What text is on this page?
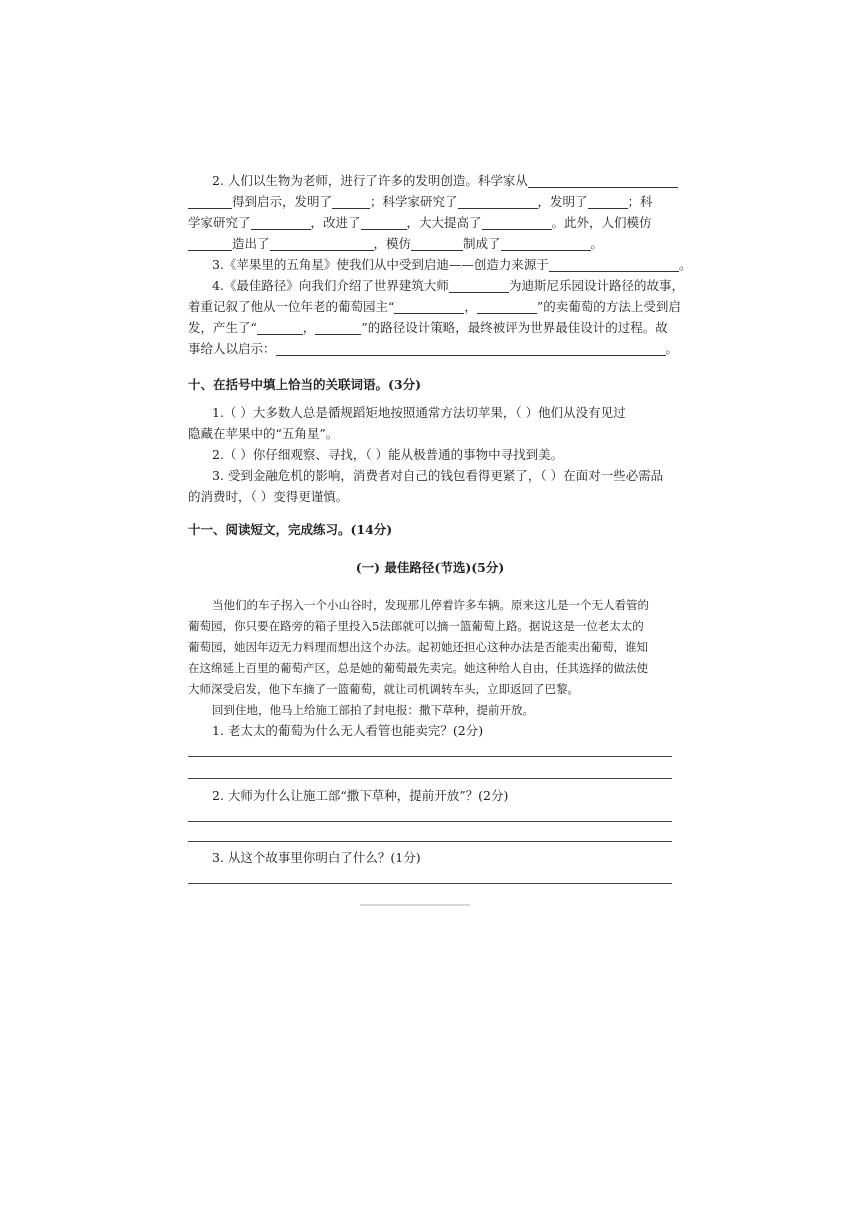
2. 人们以生物为老师，进行了许多的发明创造。科学家从
得到启示，发明了	；科学家研究了	，发明了	；科
学家研究了	，改进了	，大大提高了	。此外，人们模仿
造出了	，模仿	制成了	。
3.《苹果里的五角星》使我们从中受到启迪——创造力来源于	。
4.《最佳路径》向我们介绍了世界建筑大师	为迪斯尼乐园设计路径的故事，
着重记叙了他从一位年老的葡萄园主“	，	”的卖葡萄的方法上受到启
发，产生了“	，	”的路径设计策略，最终被评为世界最佳设计的过程。故
事给人以启示：	。
十、在括号中填上恰当的关联词语。(3分)
1.（ ）大多数人总是循规蹈矩地按照通常方法切苹果，（ ）他们从没有见过
隐藏在苹果中的“五角星”。
2.（ ）你仔细观察、寻找，（ ）能从极普通的事物中寻找到美。
3. 受到金融危机的影响，消费者对自己的钱包看得更紧了，（ ）在面对一些必需品
的消费时，（ ）变得更谨慎。
十一、阅读短文，完成练习。(14分)
(一) 最佳路径(节选)(5分)
当他们的车子拐入一个小山谷时，发现那儿停着许多车辆。原来这儿是一个无人看管的
葡萄园，你只要在路旁的箱子里投入5法郎就可以摘一篮葡萄上路。据说这是一位老太太的
葡萄园，她因年迈无力料理而想出这个办法。起初她还担心这种办法是否能卖出葡萄，谁知
在这绵延上百里的葡萄产区，总是她的葡萄最先卖完。她这种给人自由，任其选择的做法使
大师深受启发，他下车摘了一篮葡萄，就让司机调转车头，立即返回了巴黎。
回到住地，他马上给施工部拍了封电报：撒下草种，提前开放。
1. 老太太的葡萄为什么无人看管也能卖完？(2分)
2. 大师为什么让施工部“撒下草种，提前开放”？(2分)
3. 从这个故事里你明白了什么？(1分)
